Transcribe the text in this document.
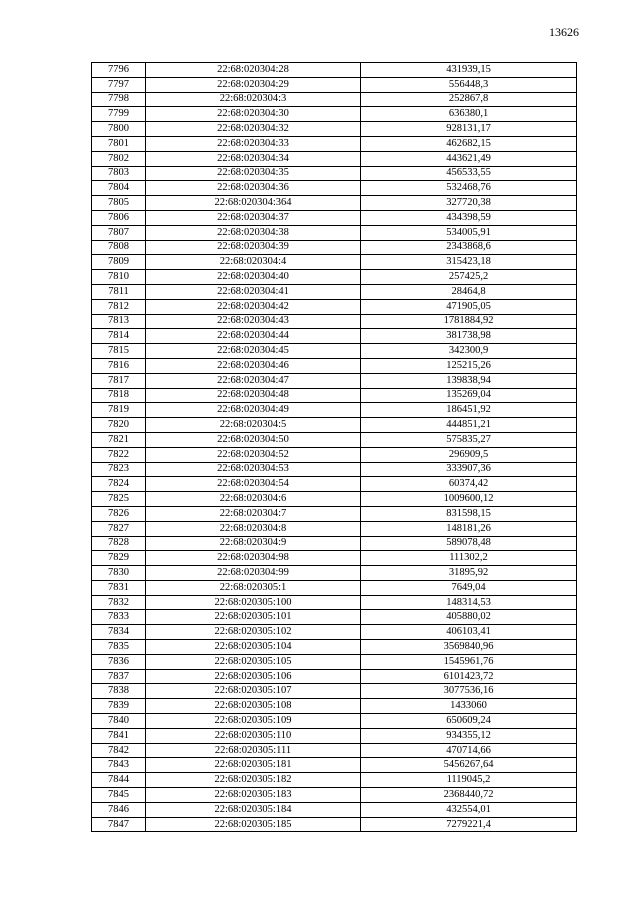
13626
7796	22:68:020304:28	431939,15
7797	22:68:020304:29	556448,3
7798	22:68:020304:3	252867,8
7799	22:68:020304:30	636380,1
7800	22:68:020304:32	928131,17
7801	22:68:020304:33	462682,15
7802	22:68:020304:34	443621,49
7803	22:68:020304:35	456533,55
7804	22:68:020304:36	532468,76
7805	22:68:020304:364	327720,38
7806	22:68:020304:37	434398,59
7807	22:68:020304:38	534005,91
7808	22:68:020304:39	2343868,6
7809	22:68:020304:4	315423,18
7810	22:68:020304:40	257425,2
7811	22:68:020304:41	28464,8
7812	22:68:020304:42	471905,05
7813	22:68:020304:43	1781884,92
7814	22:68:020304:44	381738,98
7815	22:68:020304:45	342300,9
7816	22:68:020304:46	125215,26
7817	22:68:020304:47	139838,94
7818	22:68:020304:48	135269,04
7819	22:68:020304:49	186451,92
7820	22:68:020304:5	444851,21
7821	22:68:020304:50	575835,27
7822	22:68:020304:52	296909,5
7823	22:68:020304:53	333907,36
7824	22:68:020304:54	60374,42
7825	22:68:020304:6	1009600,12
7826	22:68:020304:7	831598,15
7827	22:68:020304:8	148181,26
7828	22:68:020304:9	589078,48
7829	22:68:020304:98	111302,2
7830	22:68:020304:99	31895,92
7831	22:68:020305:1	7649,04
7832	22:68:020305:100	148314,53
7833	22:68:020305:101	405880,02
7834	22:68:020305:102	406103,41
7835	22:68:020305:104	3569840,96
7836	22:68:020305:105	1545961,76
7837	22:68:020305:106	6101423,72
7838	22:68:020305:107	3077536,16
7839	22:68:020305:108	1433060
7840	22:68:020305:109	650609,24
7841	22:68:020305:110	934355,12
7842	22:68:020305:111	470714,66
7843	22:68:020305:181	5456267,64
7844	22:68:020305:182	1119045,2
7845	22:68:020305:183	2368440,72
7846	22:68:020305:184	432554,01
7847	22:68:020305:185	7279221,4
